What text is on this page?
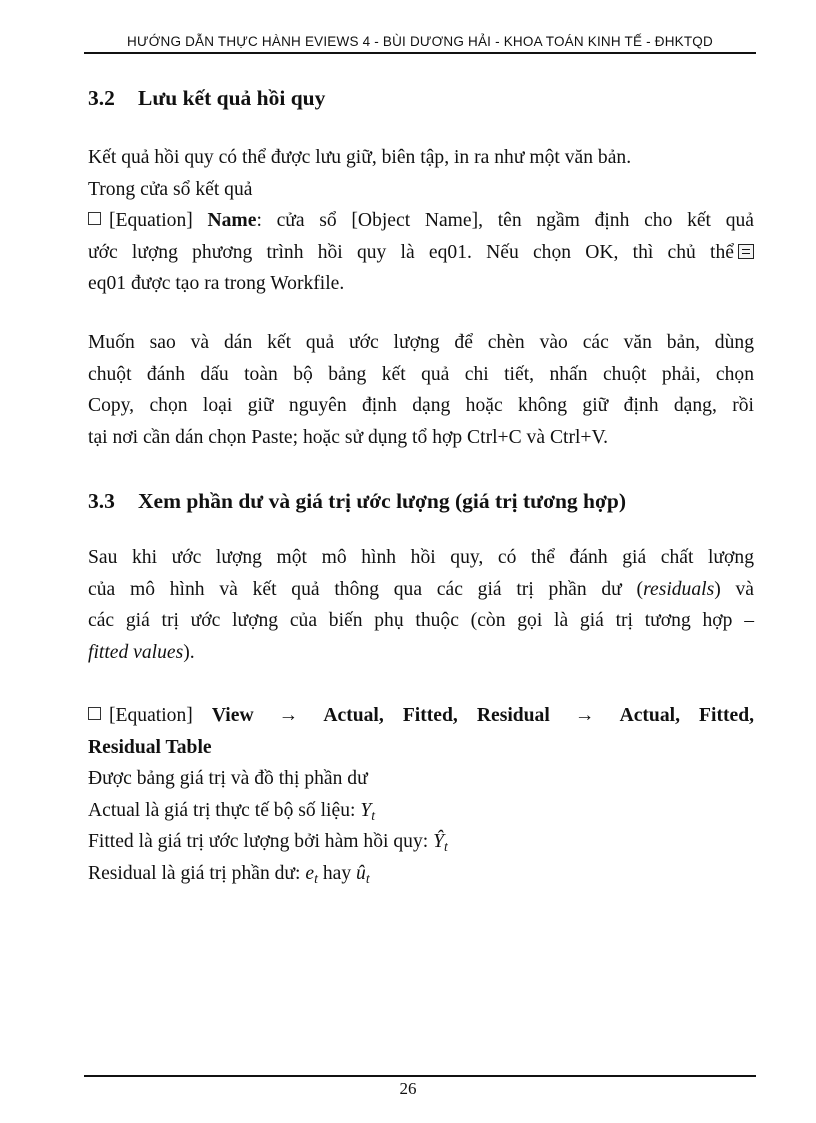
HƯỚNG DẪN THỰC HÀNH EVIEWS 4 - BÙI DƯƠNG HẢI - KHOA TOÁN KINH TẾ - ĐHKTQD
3.2 Lưu kết quả hồi quy
Kết quả hồi quy có thể được lưu giữ, biên tập, in ra như một văn bản.
Trong cửa sổ kết quả
[Equation] Name: cửa sổ [Object Name], tên ngầm định cho kết quả
ước lượng phương trình hồi quy là eq01. Nếu chọn OK, thì chủ thể
eq01 được tạo ra trong Workfile.
Muốn sao và dán kết quả ước lượng để chèn vào các văn bản, dùng
chuột đánh dấu toàn bộ bảng kết quả chi tiết, nhấn chuột phải, chọn
Copy, chọn loại giữ nguyên định dạng hoặc không giữ định dạng, rồi
tại nơi cần dán chọn Paste; hoặc sử dụng tổ hợp Ctrl+C và Ctrl+V.
3.3 Xem phần dư và giá trị ước lượng (giá trị tương hợp)
Sau khi ước lượng một mô hình hồi quy, có thể đánh giá chất lượng
của mô hình và kết quả thông qua các giá trị phần dư (residuals) và
các giá trị ước lượng của biến phụ thuộc (còn gọi là giá trị tương hợp –
fitted values).
[Equation] View → Actual, Fitted, Residual → Actual, Fitted,
Residual Table
Được bảng giá trị và đồ thị phần dư
Actual là giá trị thực tế bộ số liệu: $Y_t$
Fitted là giá trị ước lượng bởi hàm hồi quy: $Ŷ_t$
Residual là giá trị phần dư: $e_t$ hay $û_t$
26
